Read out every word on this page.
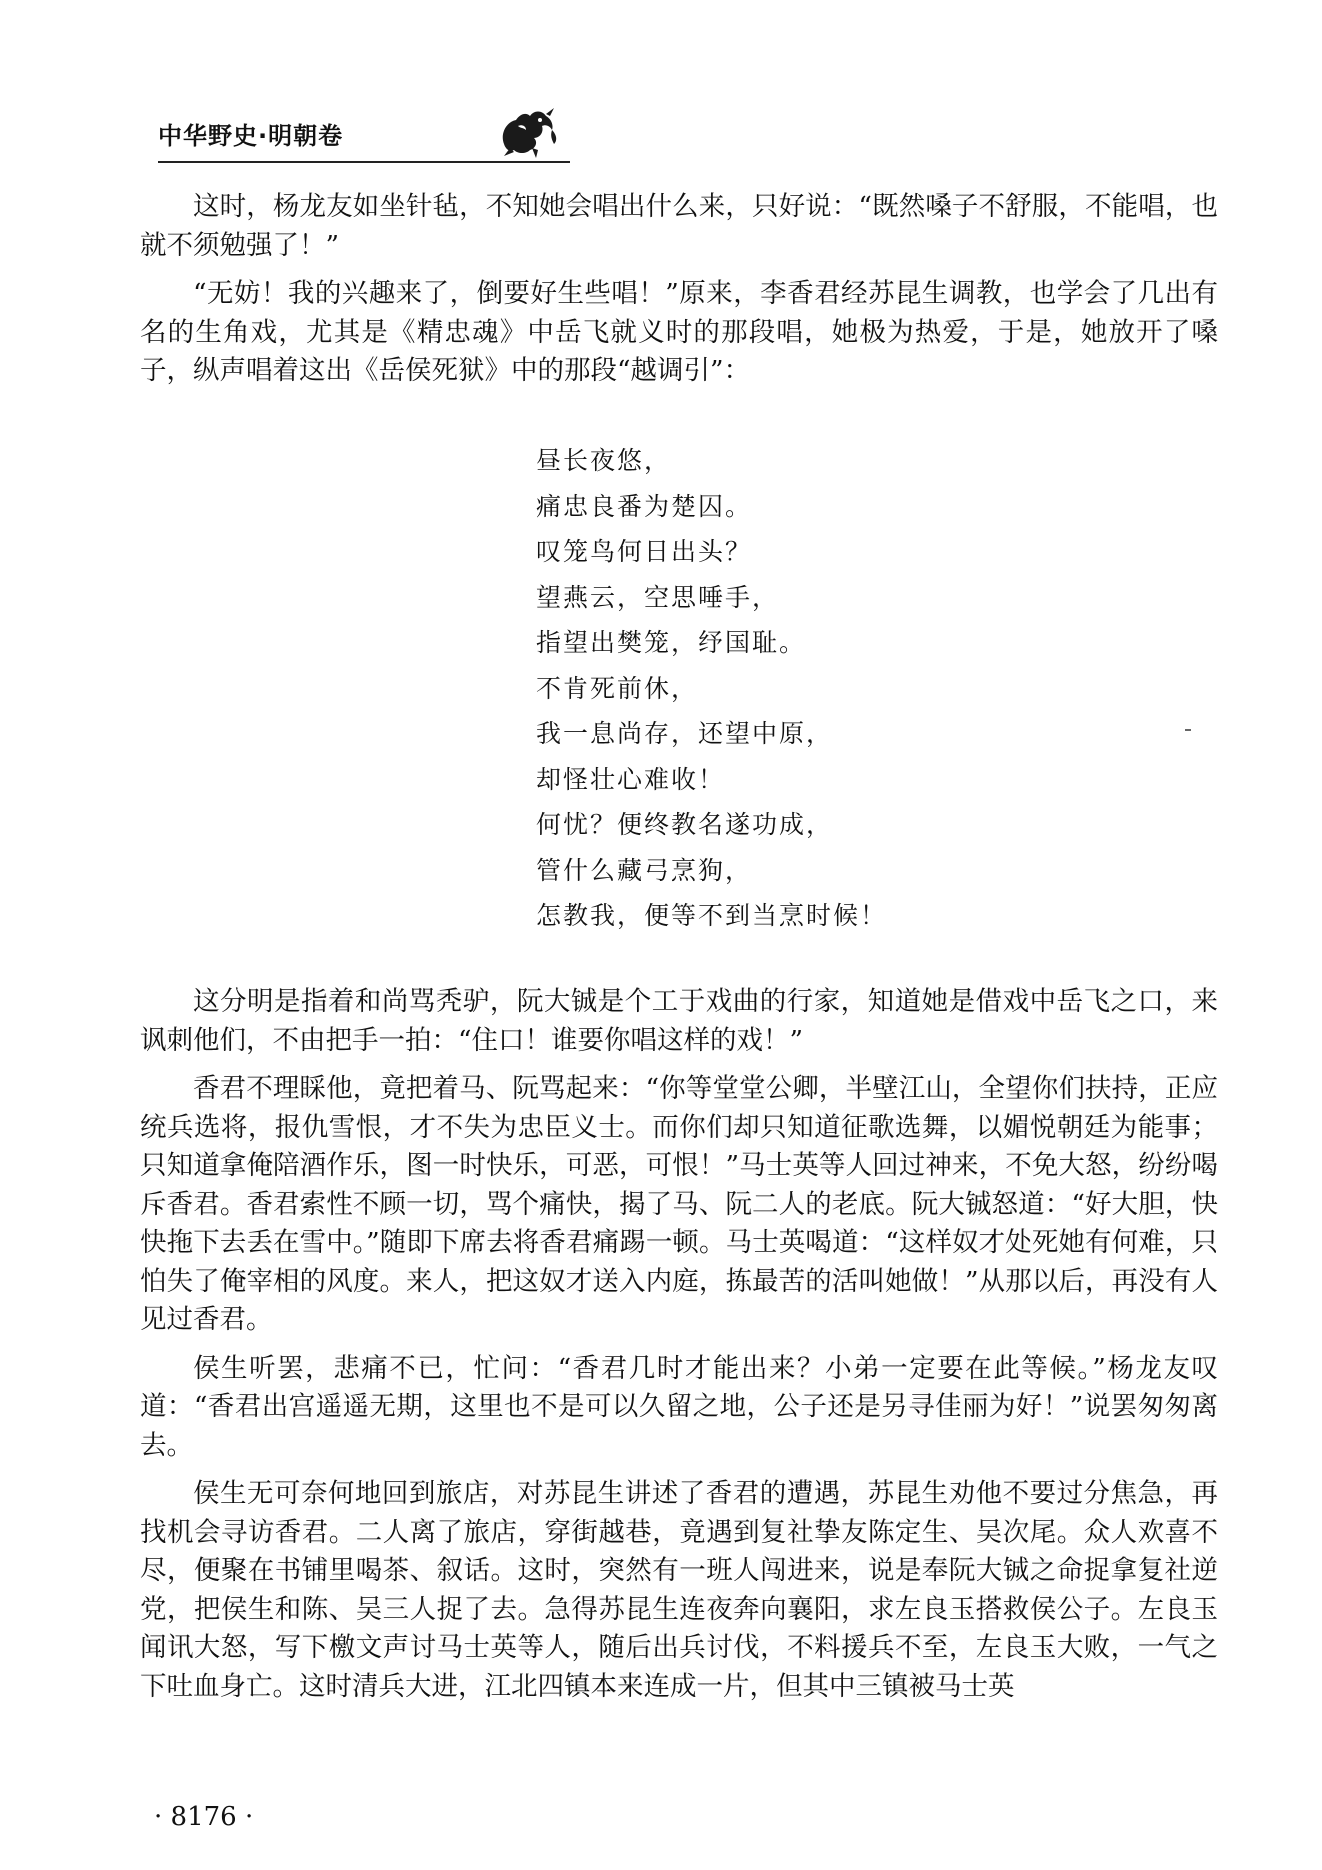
中华野史·明朝卷

这时，杨龙友如坐针毡，不知她会唱出什么来，只好说：“既然嗓子不舒服，不能唱，也就不须勉强了！”

“无妨！我的兴趣来了，倒要好生些唱！”原来，李香君经苏昆生调教，也学会了几出有名的生角戏，尤其是《精忠魂》中岳飞就义时的那段唱，她极为热爱，于是，她放开了嗓子，纵声唱着这出《岳侯死狱》中的那段“越调引”：

昼长夜悠，
痛忠良番为楚囚。
叹笼鸟何日出头？
望燕云，空思唾手，
指望出樊笼，纾国耻。
不肯死前休，
我一息尚存，还望中原，
却怪壮心难收！
何忧？便终教名遂功成，
管什么藏弓烹狗，
怎教我，便等不到当烹时候！

这分明是指着和尚骂秃驴，阮大铖是个工于戏曲的行家，知道她是借戏中岳飞之口，来讽刺他们，不由把手一拍：“住口！谁要你唱这样的戏！”

香君不理睬他，竟把着马、阮骂起来：“你等堂堂公卿，半壁江山，全望你们扶持，正应统兵选将，报仇雪恨，才不失为忠臣义士。而你们却只知道征歌选舞，以媚悦朝廷为能事；只知道拿俺陪酒作乐，图一时快乐，可恶，可恨！”马士英等人回过神来，不免大怒，纷纷喝斥香君。香君索性不顾一切，骂个痛快，揭了马、阮二人的老底。阮大铖怒道：“好大胆，快快拖下去丢在雪中。”随即下席去将香君痛踢一顿。马士英喝道：“这样奴才处死她有何难，只怕失了俺宰相的风度。来人，把这奴才送入内庭，拣最苦的活叫她做！”从那以后，再没有人见过香君。

侯生听罢，悲痛不已，忙问：“香君几时才能出来？小弟一定要在此等候。”杨龙友叹道：“香君出宫遥遥无期，这里也不是可以久留之地，公子还是另寻佳丽为好！”说罢匆匆离去。

侯生无可奈何地回到旅店，对苏昆生讲述了香君的遭遇，苏昆生劝他不要过分焦急，再找机会寻访香君。二人离了旅店，穿街越巷，竟遇到复社挚友陈定生、吴次尾。众人欢喜不尽，便聚在书铺里喝茶、叙话。这时，突然有一班人闯进来，说是奉阮大铖之命捉拿复社逆党，把侯生和陈、吴三人捉了去。急得苏昆生连夜奔向襄阳，求左良玉搭救侯公子。左良玉闻讯大怒，写下檄文声讨马士英等人，随后出兵讨伐，不料援兵不至，左良玉大败，一气之下吐血身亡。这时清兵大进，江北四镇本来连成一片，但其中三镇被马士英

· 8176 ·
